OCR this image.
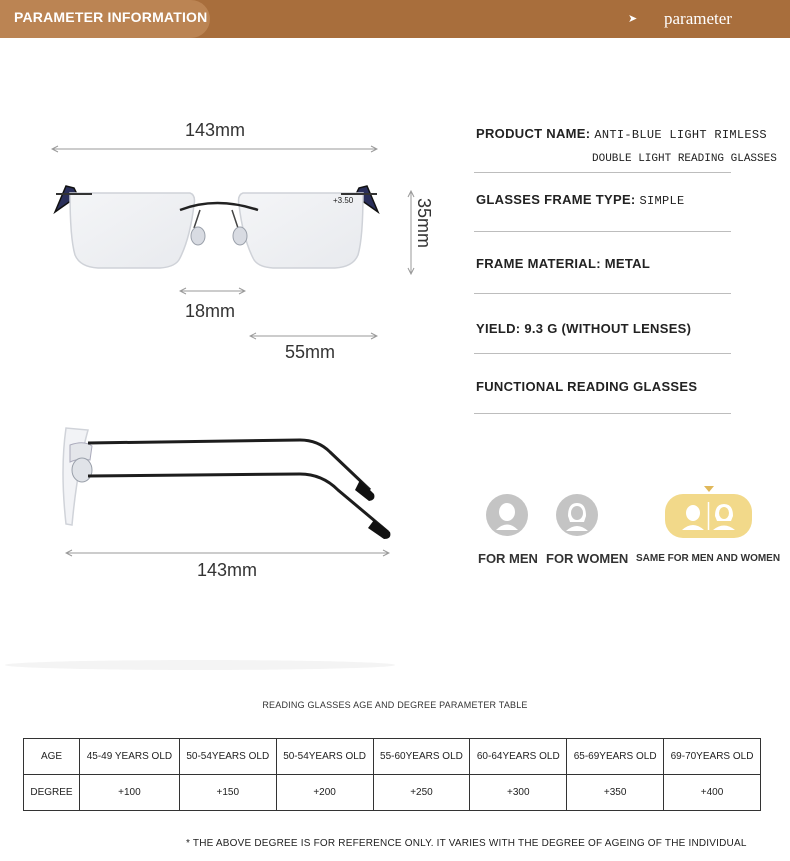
PARAMETER INFORMATION	➤ parameter
+3.50	35mm
143mm
18mm
55mm
143mm
PRODUCT NAME: ANTI-BLUE LIGHT RIMLESS
DOUBLE LIGHT READING GLASSES
GLASSES FRAME TYPE: SIMPLE
FRAME MATERIAL: METAL
YIELD: 9.3 G (WITHOUT LENSES)
FUNCTIONAL READING GLASSES
FOR MEN FOR WOMEN SAME FOR MEN AND WOMEN
READING GLASSES AGE AND DEGREE PARAMETER TABLE
AGE	45-49 YEARS OLD	50-54YEARS OLD	50-54YEARS OLD	55-60YEARS OLD	60-64YEARS OLD	65-69YEARS OLD	69-70YEARS OLD
DEGREE	+100	+150	+200	+250	+300	+350	+400
* THE ABOVE DEGREE IS FOR REFERENCE ONLY. IT VARIES WITH THE DEGREE OF AGEING OF THE INDIVIDUAL
